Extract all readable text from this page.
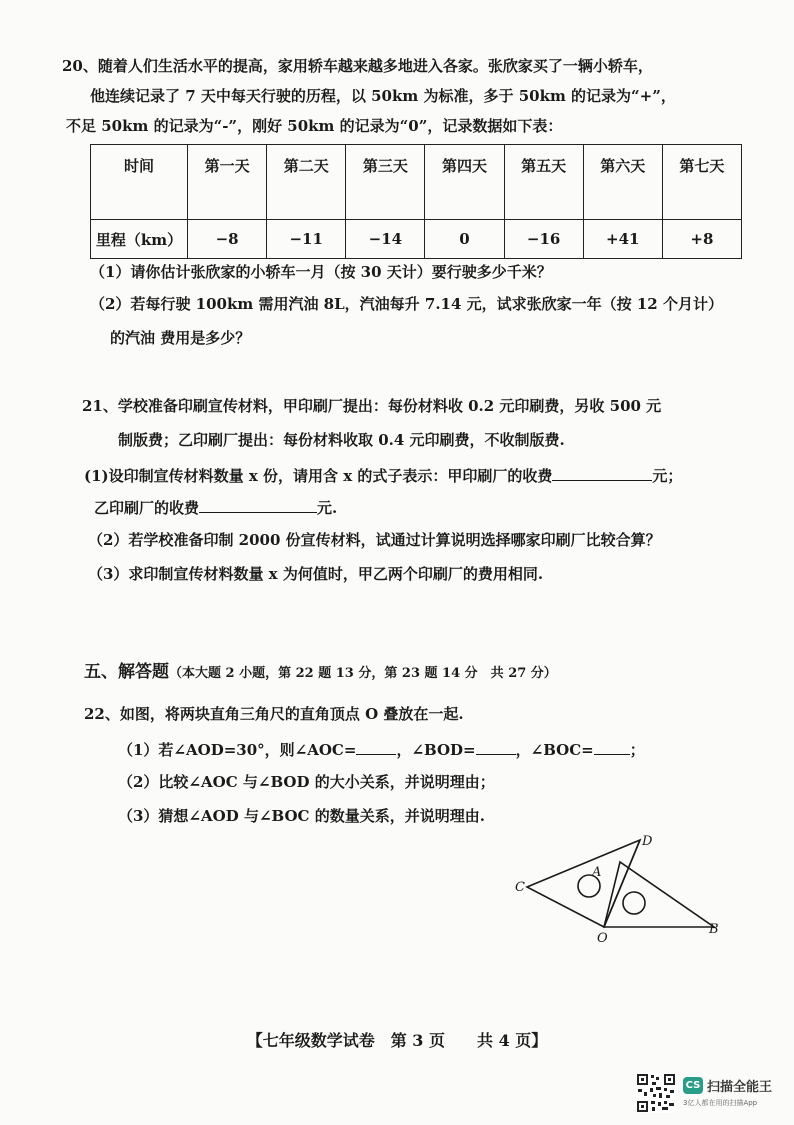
20、随着人们生活水平的提高，家用轿车越来越多地进入各家。张欣家买了一辆小轿车，
他连续记录了 7 天中每天行驶的历程，以 50km 为标准，多于 50km 的记录为“+”，
不足 50km 的记录为“-”，刚好 50km 的记录为“0”，记录数据如下表：
时间	第一天	第二天	第三天	第四天	第五天	第六天	第七天
里程（km）	−8	−11	−14	0	−16	+41	+8
（1）请你估计张欣家的小轿车一月（按 30 天计）要行驶多少千米？
（2）若每行驶 100km 需用汽油 8L，汽油每升 7.14 元，试求张欣家一年（按 12 个月计）
的汽油 费用是多少？
21、学校准备印刷宣传材料，甲印刷厂提出：每份材料收 0.2 元印刷费，另收 500 元
制版费；乙印刷厂提出：每份材料收取 0.4 元印刷费，不收制版费.
(1)设印制宣传材料数量 x 份，请用含 x 的式子表示：甲印刷厂的收费	元；
乙印刷厂的收费	元.
（2）若学校准备印制 2000 份宣传材料，试通过计算说明选择哪家印刷厂比较合算？
（3）求印制宣传材料数量 x 为何值时，甲乙两个印刷厂的费用相同.
五、解答题（本大题 2 小题，第 22 题 13 分，第 23 题 14 分　共 27 分）
22、如图，将两块直角三角尺的直角顶点 O 叠放在一起.
（1）若∠AOD=30°，则∠AOC=	，∠BOD=	，∠BOC= ；
（2）比较∠AOC 与∠BOD 的大小关系，并说明理由；
（3）猜想∠AOD 与∠BOC 的数量关系，并说明理由.
C
A
D
O
B
【七年级数学试卷　第 3 页　　共 4 页】
CS 扫描全能王
3亿人都在用的扫描App
